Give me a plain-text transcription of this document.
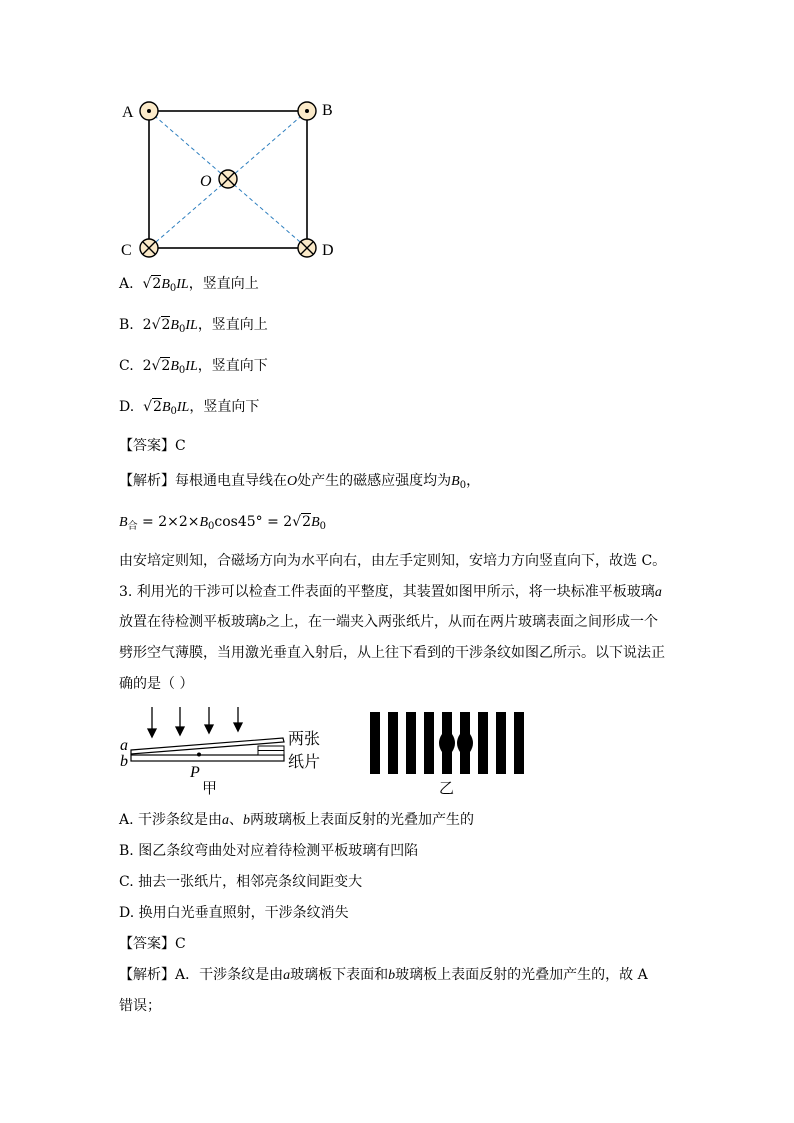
A	B
C	D
O
A. $√2B_0IL$，竖直向上
B. $2√2B_0IL$，竖直向上
C. $2√2B_0IL$，竖直向下
D. $√2B_0IL$，竖直向下
【答案】C
【解析】每根通电直导线在O处产生的磁感应强度均为$B_0$，
$B_合 = 2\times 2\times B_0\cos 45^\circ = 2√2B_0$
由安培定则知，合磁场方向为水平向右，由左手定则知，安培力方向竖直向下，故选 C。
3. 利用光的干涉可以检查工件表面的平整度，其装置如图甲所示，将一块标准平板玻璃a
放置在待检测平板玻璃b之上，在一端夹入两张纸片，从而在两片玻璃表面之间形成一个
劈形空气薄膜，当用激光垂直入射后，从上往下看到的干涉条纹如图乙所示。以下说法正
确的是（ ）
a
b
P
甲
两张
纸片
乙
A. 干涉条纹是由a、b两玻璃板上表面反射的光叠加产生的
B. 图乙条纹弯曲处对应着待检测平板玻璃有凹陷
C. 抽去一张纸片，相邻亮条纹间距变大
D. 换用白光垂直照射，干涉条纹消失
【答案】C
【解析】A．干涉条纹是由a玻璃板下表面和b玻璃板上表面反射的光叠加产生的，故 A
错误；
